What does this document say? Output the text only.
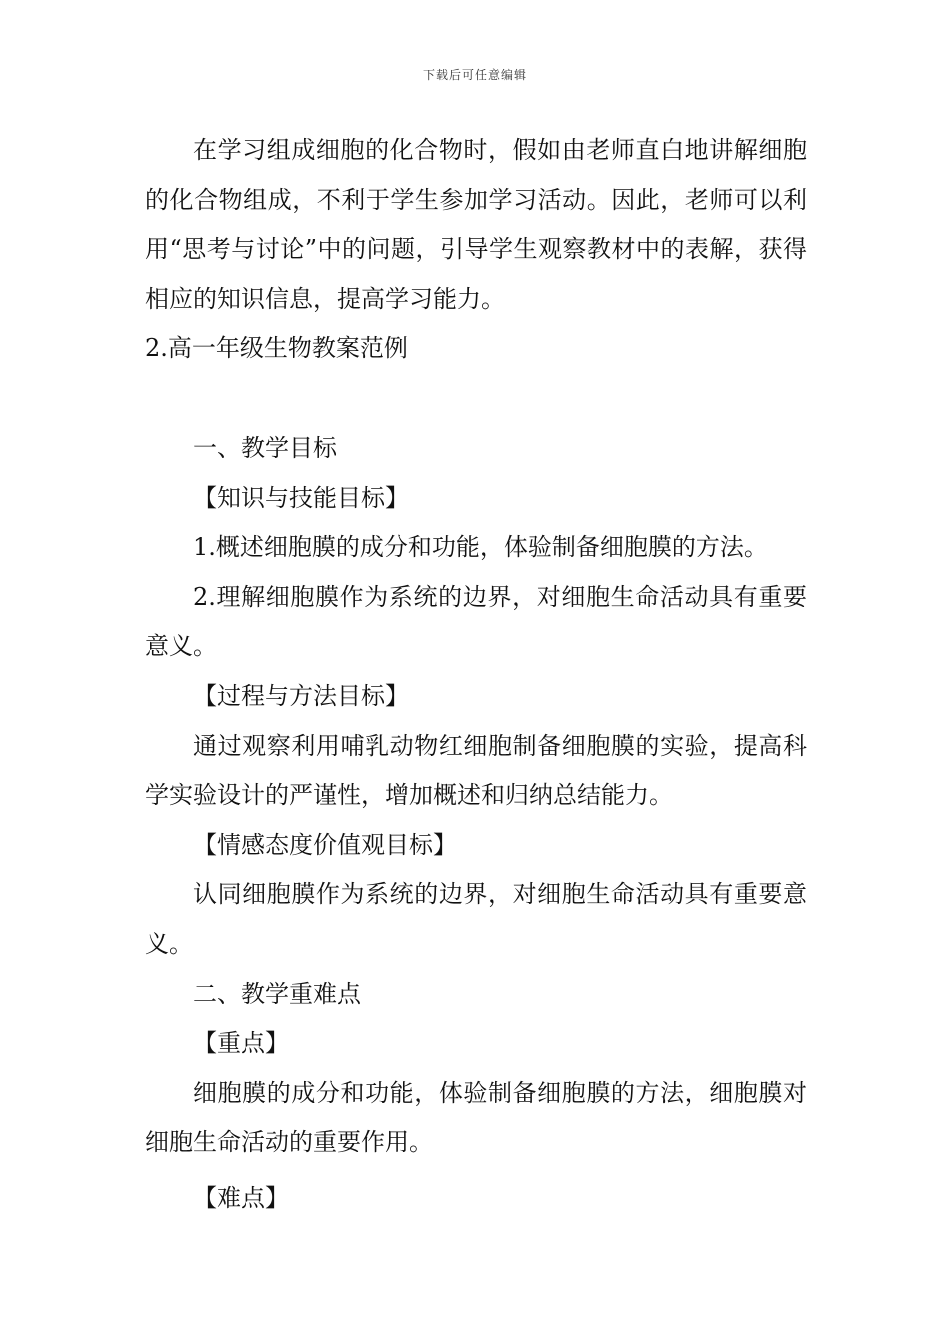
下载后可任意编辑

在学习组成细胞的化合物时，假如由老师直白地讲解细胞的化合物组成，不利于学生参加学习活动。因此，老师可以利用“思考与讨论”中的问题，引导学生观察教材中的表解，获得相应的知识信息，提高学习能力。

2.高一年级生物教案范例

一、教学目标

【知识与技能目标】

1.概述细胞膜的成分和功能，体验制备细胞膜的方法。

2.理解细胞膜作为系统的边界，对细胞生命活动具有重要意义。

【过程与方法目标】

通过观察利用哺乳动物红细胞制备细胞膜的实验，提高科学实验设计的严谨性，增加概述和归纳总结能力。

【情感态度价值观目标】

认同细胞膜作为系统的边界，对细胞生命活动具有重要意义。

二、教学重难点

【重点】

细胞膜的成分和功能，体验制备细胞膜的方法，细胞膜对细胞生命活动的重要作用。

【难点】
